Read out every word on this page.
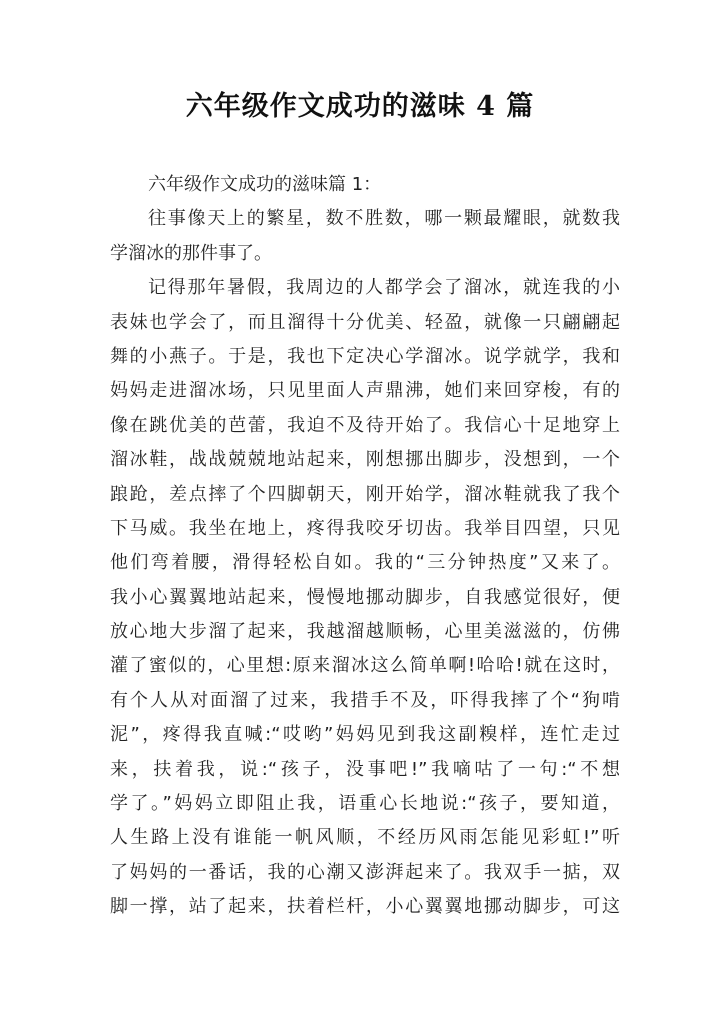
六年级作文成功的滋味 4 篇

六年级作文成功的滋味篇 1：

往事像天上的繁星，数不胜数，哪一颗最耀眼，就数我
学溜冰的那件事了。

记得那年暑假，我周边的人都学会了溜冰，就连我的小
表妹也学会了，而且溜得十分优美、轻盈，就像一只翩翩起
舞的小燕子。于是，我也下定决心学溜冰。说学就学，我和
妈妈走进溜冰场，只见里面人声鼎沸，她们来回穿梭，有的
像在跳优美的芭蕾，我迫不及待开始了。我信心十足地穿上
溜冰鞋，战战兢兢地站起来，刚想挪出脚步，没想到，一个
踉跄，差点摔了个四脚朝天，刚开始学，溜冰鞋就我了我个
下马威。我坐在地上，疼得我咬牙切齿。我举目四望，只见
他们弯着腰，滑得轻松自如。我的“三分钟热度”又来了。
我小心翼翼地站起来，慢慢地挪动脚步，自我感觉很好，便
放心地大步溜了起来，我越溜越顺畅，心里美滋滋的，仿佛
灌了蜜似的，心里想:原来溜冰这么简单啊!哈哈!就在这时，
有个人从对面溜了过来，我措手不及，吓得我摔了个“狗啃
泥”，疼得我直喊:“哎哟”妈妈见到我这副糗样，连忙走过
来，扶着我，说:“孩子，没事吧!”我嘀咕了一句:“不想
学了。”妈妈立即阻止我，语重心长地说:“孩子，要知道，
人生路上没有谁能一帆风顺，不经历风雨怎能见彩虹!”听
了妈妈的一番话，我的心潮又澎湃起来了。我双手一掂，双
脚一撑，站了起来，扶着栏杆，小心翼翼地挪动脚步，可这
